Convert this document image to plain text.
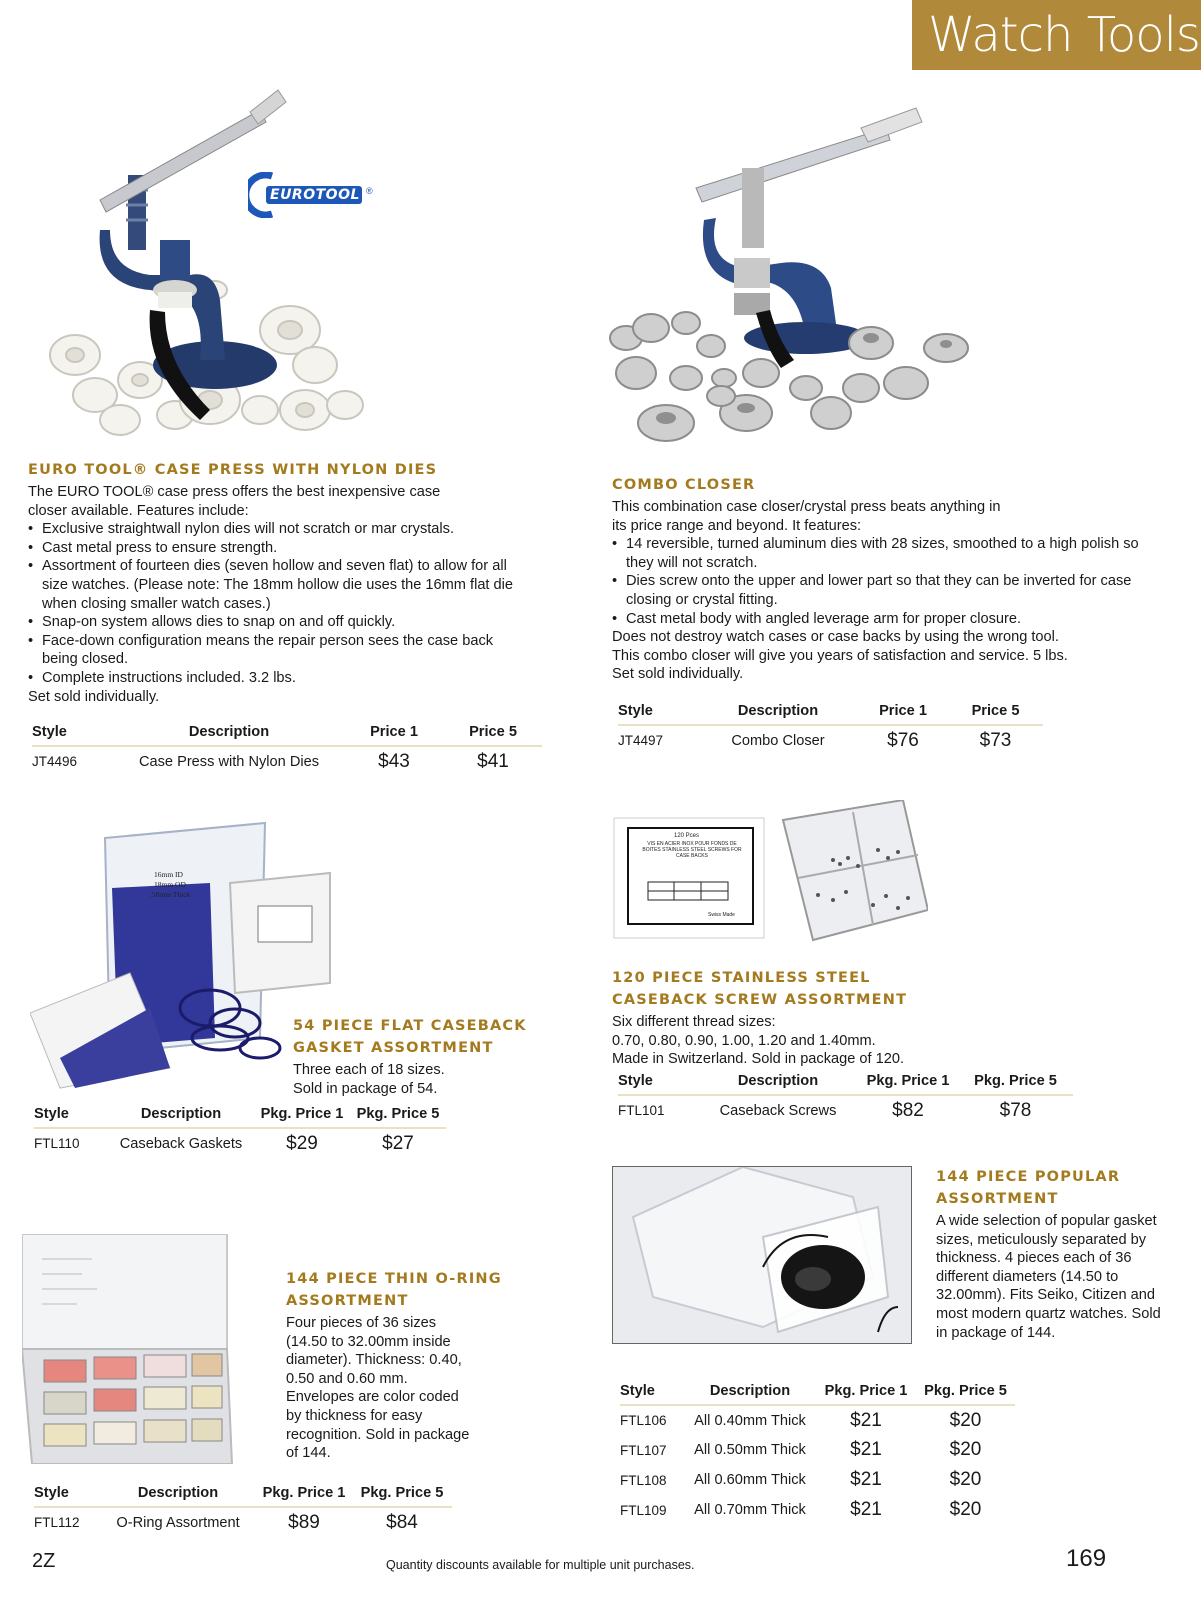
Watch Tools
EUROTOOL ®
EURO TOOL® CASE PRESS WITH NYLON DIES

The EURO TOOL® case press offers the best inexpensive case closer available. Features include:

• Exclusive straightwall nylon dies will not scratch or mar crystals.
• Cast metal press to ensure strength.
• Assortment of fourteen dies (seven hollow and seven flat) to allow for all size watches. (Please note: The 18mm hollow die uses the 16mm flat die when closing smaller watch cases.)
• Snap-on system allows dies to snap on and off quickly.
• Face-down configuration means the repair person sees the case back being closed.
• Complete instructions included. 3.2 lbs.

Set sold individually.

Style	Description	Price 1	Price 5
JT4496	Case Press with Nylon Dies	$43	$41
COMBO CLOSER

This combination case closer/crystal press beats anything in its price range and beyond. It features:

• 14 reversible, turned aluminum dies with 28 sizes, smoothed to a high polish so they will not scratch.
• Dies screw onto the upper and lower part so that they can be inverted for case closing or crystal fitting.
• Cast metal body with angled leverage arm for proper closure.

Does not destroy watch cases or case backs by using the wrong tool.

This combo closer will give you years of satisfaction and service. 5 lbs.

Set sold individually.

Style	Description	Price 1	Price 5
JT4497	Combo Closer	$76	$73
16mm ID
18mm OD
.50mm Thick
54 PIECE FLAT CASEBACK
GASKET ASSORTMENT

Three each of 18 sizes.

Sold in package of 54.

Style	Description	Pkg. Price 1	Pkg. Price 5
FTL110	Caseback Gaskets	$29	$27
120 Pces
VIS EN ACIER INOX POUR FONDS DE BOITES STAINLESS STEEL SCREWS FOR CASE BACKS
Swiss Made
120 PIECE STAINLESS STEEL
CASEBACK SCREW ASSORTMENT

Six different thread sizes:

0.70, 0.80, 0.90, 1.00, 1.20 and 1.40mm.

Made in Switzerland. Sold in package of 120.

Style	Description	Pkg. Price 1	Pkg. Price 5
FTL101	Caseback Screws	$82	$78
144 PIECE THIN O-RING
ASSORTMENT
Four pieces of 36 sizes (14.50 to 32.00mm inside diameter). Thickness: 0.40, 0.50 and 0.60 mm. Envelopes are color coded by thickness for easy recognition. Sold in package of 144.
Style	Description	Pkg. Price 1	Pkg. Price 5
FTL112	O-Ring Assortment	$89	$84
144 PIECE POPULAR
ASSORTMENT
A wide selection of popular gasket sizes, meticulously separated by thickness. 4 pieces each of 36 different diameters (14.50 to 32.00mm). Fits Seiko, Citizen and most modern quartz watches. Sold in package of 144.
Style	Description	Pkg. Price 1	Pkg. Price 5
FTL106	All 0.40mm Thick	$21	$20
FTL107	All 0.50mm Thick	$21	$20
FTL108	All 0.60mm Thick	$21	$20
FTL109	All 0.70mm Thick	$21	$20
2Z	Quantity discounts available for multiple unit purchases.	169
